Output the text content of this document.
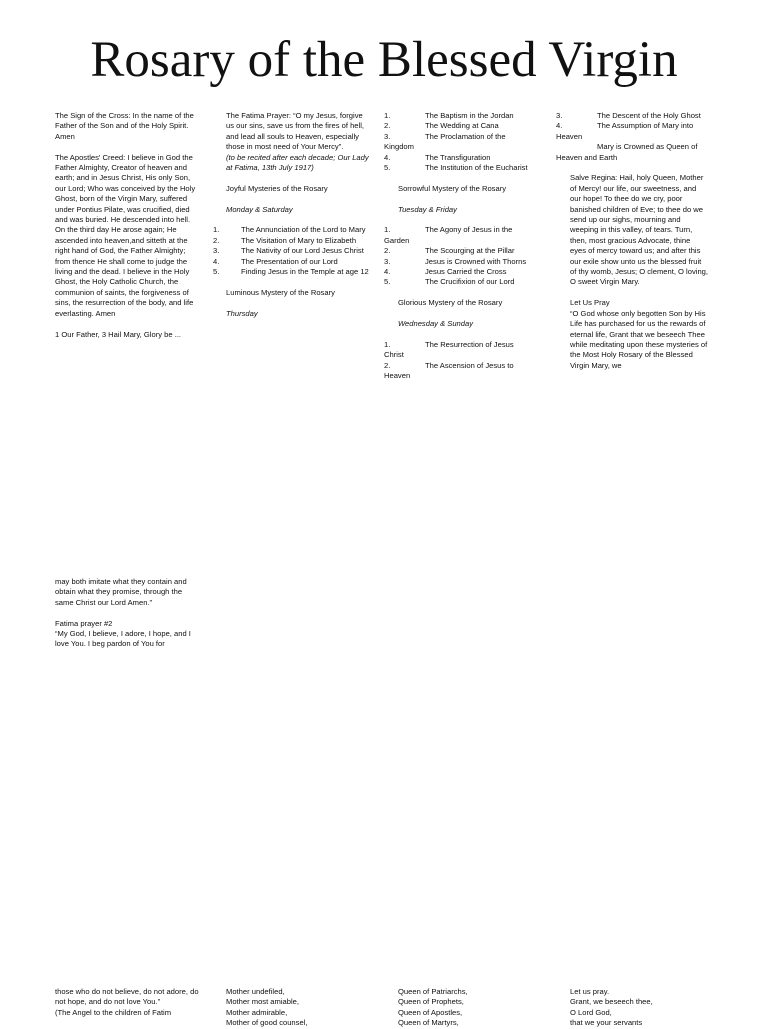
Rosary of the Blessed Virgin

The Sign of the Cross: In the name of the Father of the Son and of the Holy Spirit. Amen

The Apostles' Creed: I believe in God the Father Almighty, Creator of heaven and earth; and in Jesus Christ, His only Son, our Lord; Who was conceived by the Holy Ghost, born of the Virgin Mary, suffered under Pontius Pilate, was crucified, died and was buried. He descended into hell. On the third day He arose again; He ascended into heaven,and sitteth at the right hand of God, the Father Almighty; from thence He shall come to judge the living and the dead. I believe in the Holy Ghost, the Holy Catholic Church, the communion of saints, the forgiveness of sins, the resurrection of the body, and life everlasting. Amen

1 Our Father, 3 Hail Mary, Glory be ...

The Fatima Prayer: “O my Jesus, forgive us our sins, save us from the fires of hell, and lead all souls to Heaven, especially those in most need of Your Mercy”.

(to be recited after each decade; Our Lady at Fatima, 13th July 1917)

Joyful Mysteries of the Rosary

Monday & Saturday

1.	The Annunciation of the Lord to Mary
2.	The Visitation of Mary to Elizabeth
3.	The Nativity of our Lord Jesus Christ
4.	The Presentation of our Lord
5.	Finding Jesus in the Temple at age 12

Luminous Mystery of the Rosary

Thursday

1.	The Baptism in the Jordan
2.	The Wedding at Cana
3.	The Proclamation of the Kingdom
4.	The Transfiguration
5.	The Institution of the Eucharist

Sorrowful Mystery of the Rosary

Tuesday & Friday

1.	The Agony of Jesus in the Garden
2.	The Scourging at the Pillar
3.	Jesus is Crowned with Thorns
4.	Jesus Carried the Cross
5.	The Crucifixion of our Lord

Glorious Mystery of the Rosary

Wednesday & Sunday

1.	The Resurrection of Jesus Christ
2.	The Ascension of Jesus to Heaven
3.	The Descent of the Holy Ghost
4.	The Assumption of Mary into Heaven
Mary is Crowned as Queen of Heaven and Earth

Salve Regina: Hail, holy Queen, Mother of Mercy! our life, our sweetness, and our hope! To thee do we cry, poor banished children of Eve; to thee do we send up our sighs, mourning and weeping in this valley, of tears. Turn, then, most gracious Advocate, thine eyes of mercy toward us; and after this our exile show unto us the blessed fruit of thy womb, Jesus; O clement, O loving, O sweet Virgin Mary.

Let Us Pray

“O God whose only begotten Son by His Life has purchased for us the rewards of eternal life, Grant that we beseech Thee while meditating upon these mysteries of the Most Holy Rosary of the Blessed Virgin Mary, we

may both imitate what they contain and obtain what they promise, through the same Christ our Lord Amen.”

Fatima prayer #2

“My God, I believe, I adore, I hope, and I love You. I beg pardon of You for

those who do not believe, do not adore, do not hope, and do not love You.”
(The Angel to the children of Fatim
Mother undefiled,
Mother most amiable,
Mother admirable,
Mother of good counsel,
Queen of Patriarchs,
Queen of Prophets,
Queen of Apostles,
Queen of Martyrs,
Let us pray.
Grant, we beseech thee,
O Lord God,
that we your servants
